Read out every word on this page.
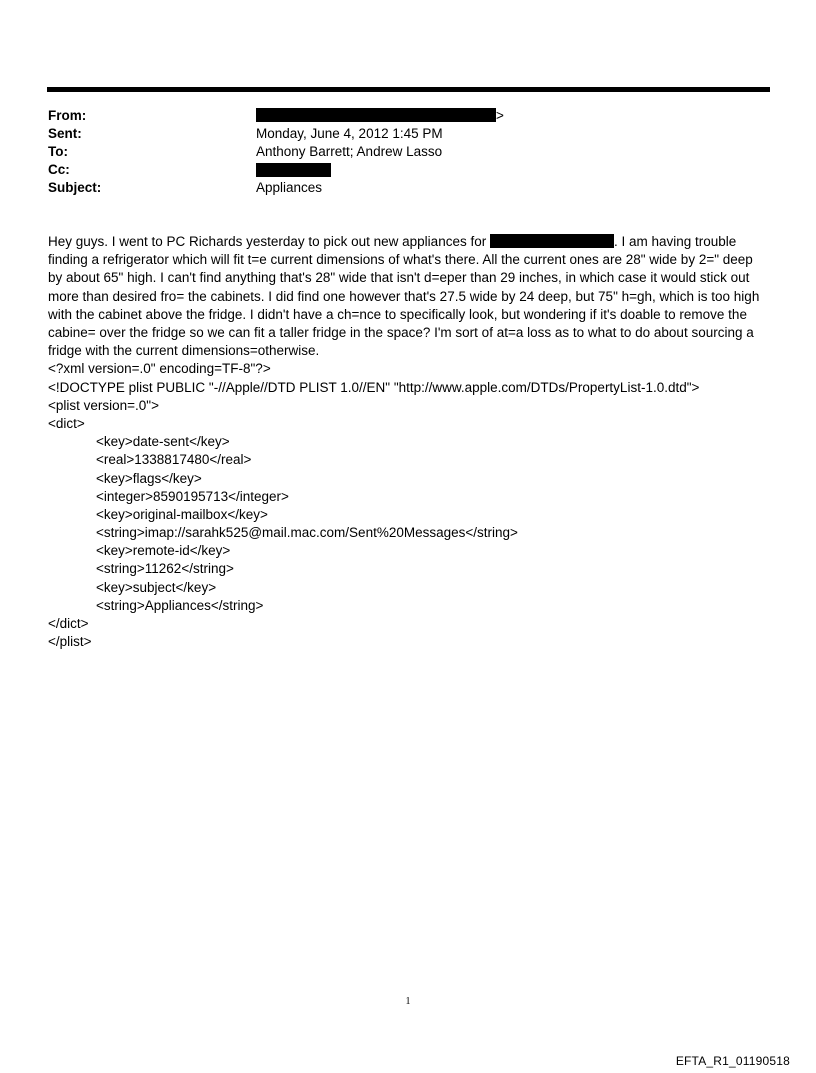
From:	>
Sent:	Monday, June 4, 2012 1:45 PM
To:	Anthony Barrett; Andrew Lasso
Cc:
Subject:	Appliances

Hey guys. I went to PC Richards yesterday to pick out new appliances for	. I am having trouble

finding a refrigerator which will fit t=e current dimensions of what's there. All the current ones are 28" wide by 2=" deep

by about 65" high. I can't find anything that's 28" wide that isn't d=eper than 29 inches, in which case it would stick out

more than desired fro= the cabinets. I did find one however that's 27.5 wide by 24 deep, but 75" h=gh, which is too high

with the cabinet above the fridge. I didn't have a ch=nce to specifically look, but wondering if it's doable to remove the

cabine= over the fridge so we can fit a taller fridge in the space? I'm sort of at=a loss as to what to do about sourcing a

fridge with the current dimensions=otherwise.

<?xml version=.0" encoding=TF-8"?>
<!DOCTYPE plist PUBLIC "-//Apple//DTD PLIST 1.0//EN" "http://www.apple.com/DTDs/PropertyList-1.0.dtd">
<plist version=.0">
<dict>
<key>date-sent</key>
<real>1338817480</real>
<key>flags</key>
<integer>8590195713</integer>
<key>original-mailbox</key>
<string>imap://sarahk525@mail.mac.com/Sent%20Messages</string>
<key>remote-id</key>
<string>11262</string>
<key>subject</key>
<string>Appliances</string>
</dict>
</plist>
1
EFTA_R1_01190518
